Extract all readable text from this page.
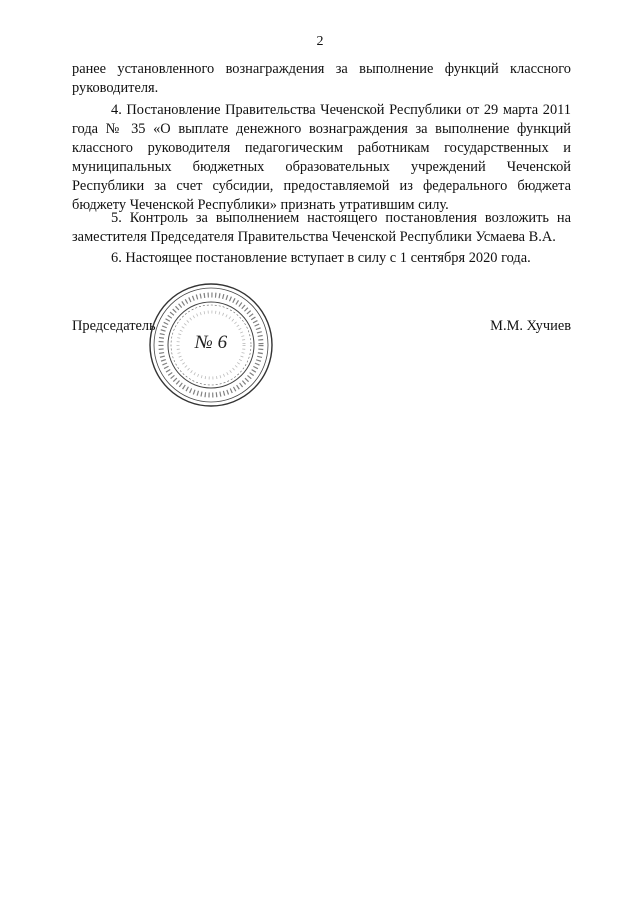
2

ранее установленного вознаграждения за выполнение функций классного руководителя.

4. Постановление Правительства Чеченской Республики от 29 марта 2011 года № 35 «О выплате денежного вознаграждения за выполнение функций классного руководителя педагогическим работникам государственных и муниципальных бюджетных образовательных учреждений Чеченской Республики за счет субсидии, предоставляемой из федерального бюджета бюджету Чеченской Республики» признать утратившим силу.

5. Контроль за выполнением настоящего постановления возложить на заместителя Председателя Правительства Чеченской Республики Усмаева В.А.

6. Настоящее постановление вступает в силу с 1 сентября 2020 года.

Председатель
№ 6
М.М. Хучиев
